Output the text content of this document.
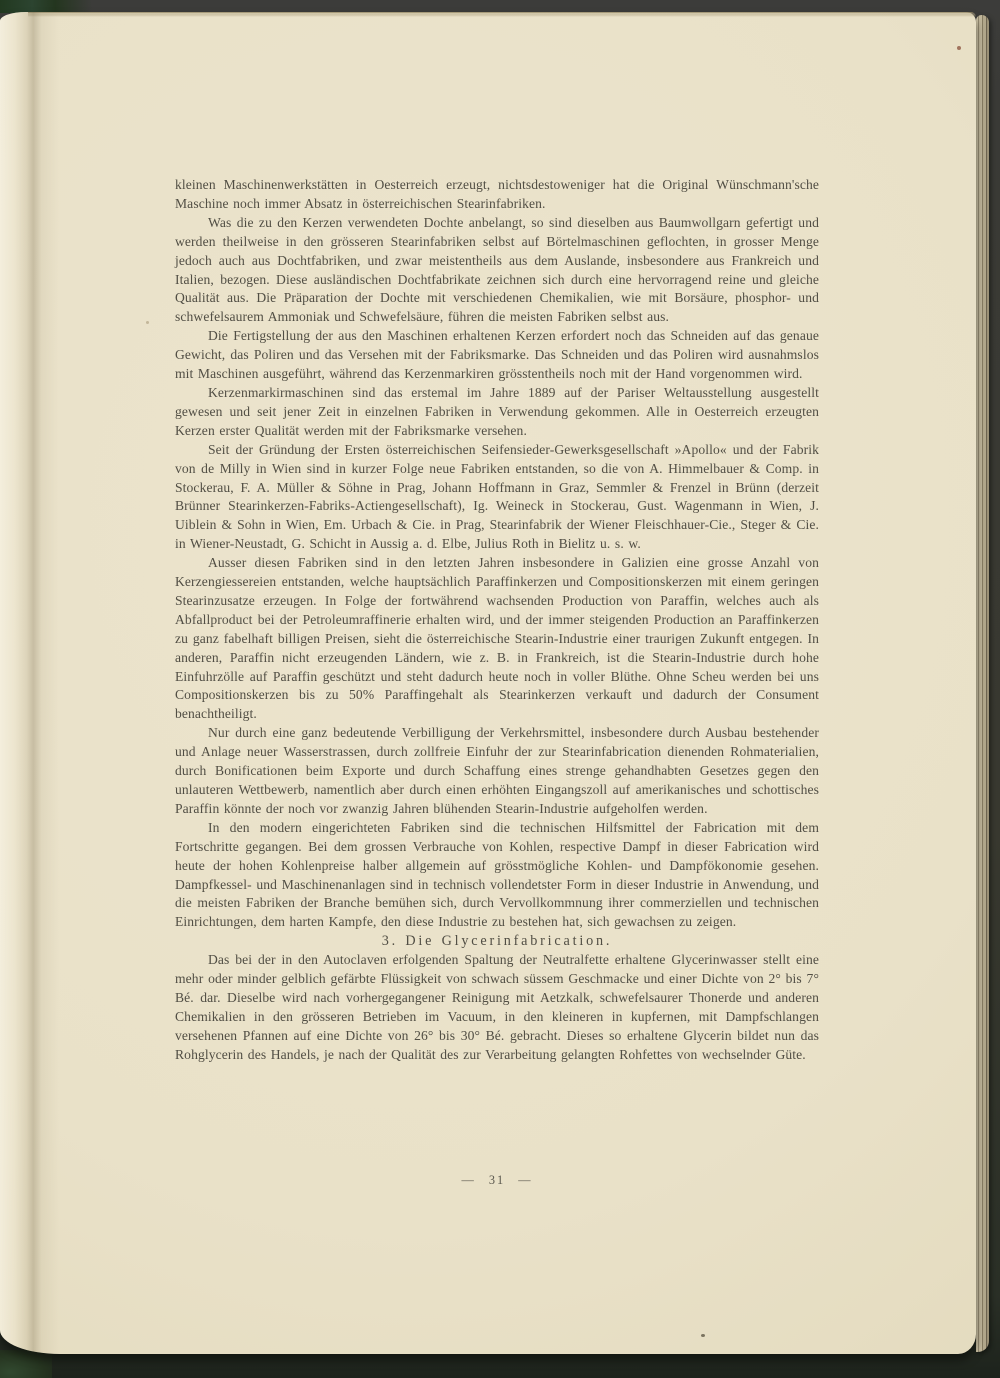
kleinen Maschinenwerkstätten in Oesterreich erzeugt, nichtsdestoweniger hat die Original Wünschmann'sche Maschine noch immer Absatz in österreichischen Stearinfabriken.

Was die zu den Kerzen verwendeten Dochte anbelangt, so sind dieselben aus Baumwollgarn gefertigt und werden theilweise in den grösseren Stearinfabriken selbst auf Börtelmaschinen geflochten, in grosser Menge jedoch auch aus Dochtfabriken, und zwar meistentheils aus dem Auslande, insbesondere aus Frankreich und Italien, bezogen. Diese ausländischen Dochtfabrikate zeichnen sich durch eine hervorragend reine und gleiche Qualität aus. Die Präparation der Dochte mit verschiedenen Chemikalien, wie mit Borsäure, phosphor- und schwefelsaurem Ammoniak und Schwefelsäure, führen die meisten Fabriken selbst aus.

Die Fertigstellung der aus den Maschinen erhaltenen Kerzen erfordert noch das Schneiden auf das genaue Gewicht, das Poliren und das Versehen mit der Fabriksmarke. Das Schneiden und das Poliren wird ausnahmslos mit Maschinen ausgeführt, während das Kerzenmarkiren grösstentheils noch mit der Hand vorgenommen wird.

Kerzenmarkirmaschinen sind das erstemal im Jahre 1889 auf der Pariser Weltausstellung ausgestellt gewesen und seit jener Zeit in einzelnen Fabriken in Verwendung gekommen. Alle in Oesterreich erzeugten Kerzen erster Qualität werden mit der Fabriksmarke versehen.

Seit der Gründung der Ersten österreichischen Seifensieder-Gewerksgesellschaft »Apollo« und der Fabrik von de Milly in Wien sind in kurzer Folge neue Fabriken entstanden, so die von A. Himmelbauer & Comp. in Stockerau, F. A. Müller & Söhne in Prag, Johann Hoffmann in Graz, Semmler & Frenzel in Brünn (derzeit Brünner Stearinkerzen-Fabriks-Actiengesellschaft), Ig. Weineck in Stockerau, Gust. Wagenmann in Wien, J. Uiblein & Sohn in Wien, Em. Urbach & Cie. in Prag, Stearinfabrik der Wiener Fleischhauer-Cie., Steger & Cie. in Wiener-Neustadt, G. Schicht in Aussig a. d. Elbe, Julius Roth in Bielitz u. s. w.

Ausser diesen Fabriken sind in den letzten Jahren insbesondere in Galizien eine grosse Anzahl von Kerzengiessereien entstanden, welche hauptsächlich Paraffinkerzen und Compositionskerzen mit einem geringen Stearinzusatze erzeugen. In Folge der fortwährend wachsenden Production von Paraffin, welches auch als Abfallproduct bei der Petroleumraffinerie erhalten wird, und der immer steigenden Production an Paraffinkerzen zu ganz fabelhaft billigen Preisen, sieht die österreichische Stearin-Industrie einer traurigen Zukunft entgegen. In anderen, Paraffin nicht erzeugenden Ländern, wie z. B. in Frankreich, ist die Stearin-Industrie durch hohe Einfuhrzölle auf Paraffin geschützt und steht dadurch heute noch in voller Blüthe. Ohne Scheu werden bei uns Compositionskerzen bis zu 50% Paraffingehalt als Stearinkerzen verkauft und dadurch der Consument benachtheiligt.

Nur durch eine ganz bedeutende Verbilligung der Verkehrsmittel, insbesondere durch Ausbau bestehender und Anlage neuer Wasserstrassen, durch zollfreie Einfuhr der zur Stearinfabrication dienenden Rohmaterialien, durch Bonificationen beim Exporte und durch Schaffung eines strenge gehandhabten Gesetzes gegen den unlauteren Wettbewerb, namentlich aber durch einen erhöhten Eingangszoll auf amerikanisches und schottisches Paraffin könnte der noch vor zwanzig Jahren blühenden Stearin-Industrie aufgeholfen werden.

In den modern eingerichteten Fabriken sind die technischen Hilfsmittel der Fabrication mit dem Fortschritte gegangen. Bei dem grossen Verbrauche von Kohlen, respective Dampf in dieser Fabrication wird heute der hohen Kohlenpreise halber allgemein auf grösstmögliche Kohlen- und Dampfökonomie gesehen. Dampfkessel- und Maschinenanlagen sind in technisch vollendetster Form in dieser Industrie in Anwendung, und die meisten Fabriken der Branche bemühen sich, durch Vervollkommnung ihrer commerziellen und technischen Einrichtungen, dem harten Kampfe, den diese Industrie zu bestehen hat, sich gewachsen zu zeigen.

3. Die Glycerinfabrication.

Das bei der in den Autoclaven erfolgenden Spaltung der Neutralfette erhaltene Glycerinwasser stellt eine mehr oder minder gelblich gefärbte Flüssigkeit von schwach süssem Geschmacke und einer Dichte von 2° bis 7° Bé. dar. Dieselbe wird nach vorhergegangener Reinigung mit Aetzkalk, schwefelsaurer Thonerde und anderen Chemikalien in den grösseren Betrieben im Vacuum, in den kleineren in kupfernen, mit Dampfschlangen versehenen Pfannen auf eine Dichte von 26° bis 30° Bé. gebracht. Dieses so erhaltene Glycerin bildet nun das Rohglycerin des Handels, je nach der Qualität des zur Verarbeitung gelangten Rohfettes von wechselnder Güte.

— 31 —
